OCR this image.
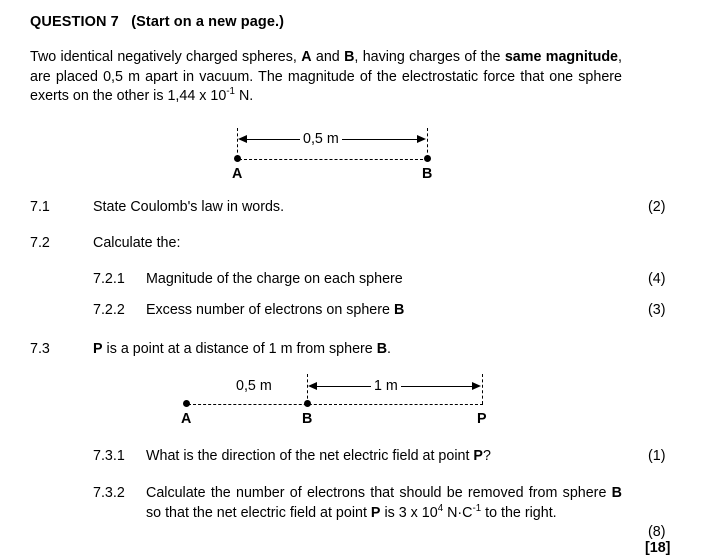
QUESTION 7 (Start on a new page.)
Two identical negatively charged spheres, A and B, having charges of the same magnitude, are placed 0,5 m apart in vacuum. The magnitude of the electrostatic force that one sphere exerts on the other is 1,44 x $10^{-1}$ N.
0,5 m
A	B
7.1	State Coulomb's law in words.	(2)
7.2	Calculate the:
7.2.1 Magnitude of the charge on each sphere	(4)
7.2.2 Excess number of electrons on sphere B	(3)
7.3	P is a point at a distance of 1 m from sphere B.
0,5 m	1 m
A	B	P
7.3.1 What is the direction of the net electric field at point P?	(1)
7.3.2 Calculate the number of electrons that should be removed from sphere B so that the net electric field at point P is 3 x $10^4$ $N\cdot C^{-1}$ to the right.
(8)
[18]
